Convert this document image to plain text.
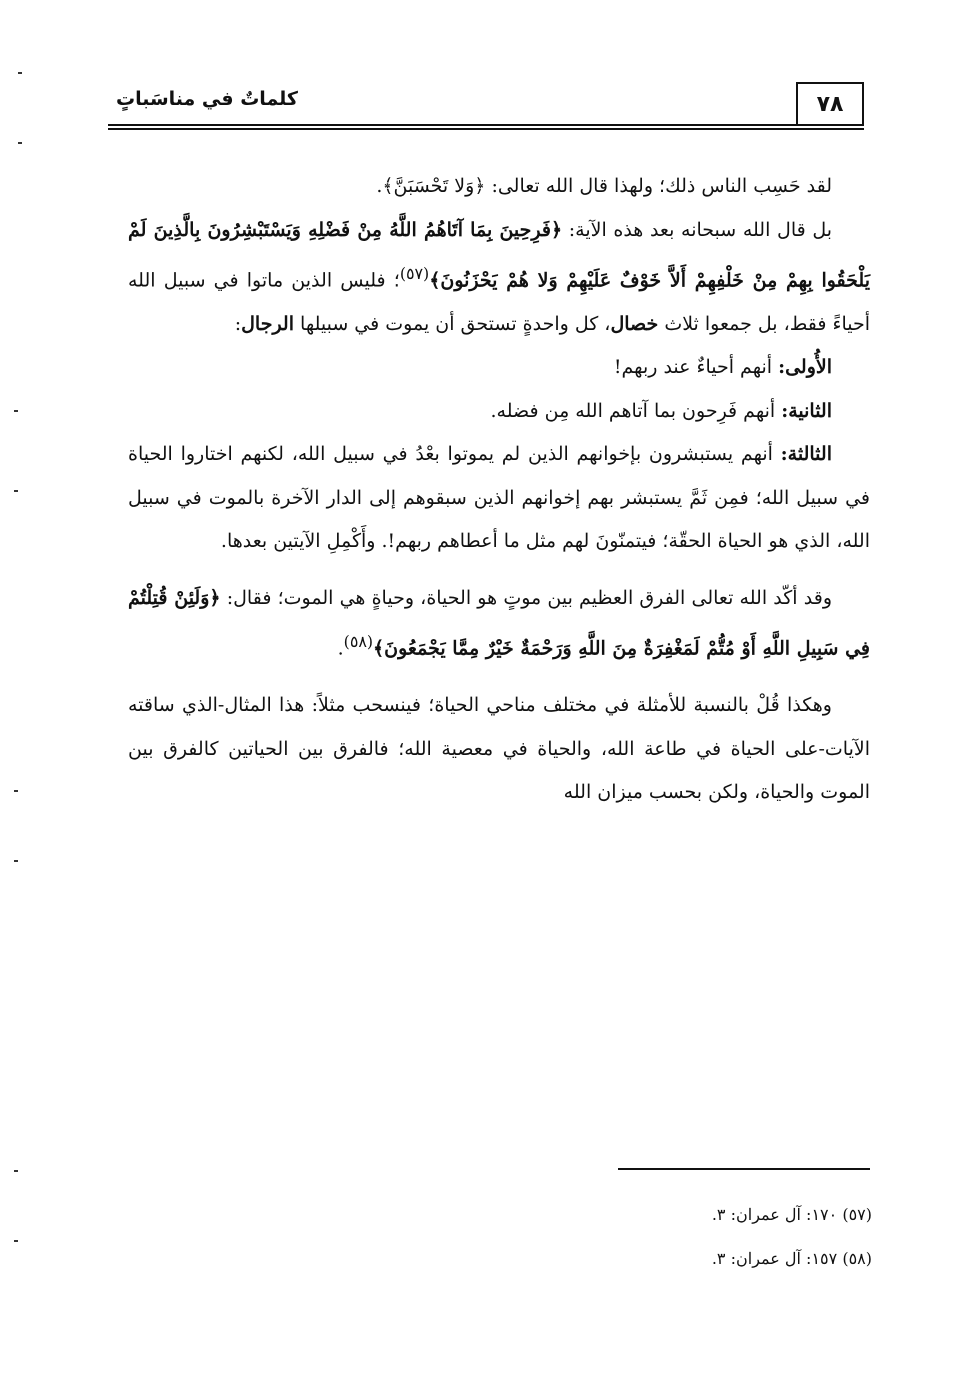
كلماتٌ في مناسَباتٍ	٧٨

لقد حَسِب الناس ذلك؛ ولهذا قال الله تعالى: ﴿وَلا تَحْسَبَنَّ﴾.

بل قال الله سبحانه بعد هذه الآية: ﴿فَرِحِينَ بِمَا آتَاهُمُ اللَّهُ مِنْ فَضْلِهِ وَيَسْتَبْشِرُونَ بِالَّذِينَ لَمْ يَلْحَقُوا بِهِمْ مِنْ خَلْفِهِمْ أَلاَّ خَوْفٌ عَلَيْهِمْ وَلا هُمْ يَحْزَنُونَ﴾$^{(٥٧)}$؛ فليس الذين ماتوا في سبيل الله أحياءً فقط، بل جمعوا ثلاث خصال، كل واحدةٍ تستحق أن يموت في سبيلها الرجال:

الأُولى: أنهم أحياءٌ عند ربهم!

الثانية: أنهم فَرِحون بما آتاهم الله مِن فضله.

الثالثة: أنهم يستبشرون بإخوانهم الذين لم يموتوا بعْدُ في سبيل الله، لكنهم اختاروا الحياة في سبيل الله؛ فمِن ثَمَّ يستبشر بهم إخوانهم الذين سبقوهم إلى الدار الآخرة بالموت في سبيل الله، الذي هو الحياة الحقّة؛ فيتمنّونَ لهم مثل ما أعطاهم ربهم!. وأَكْمِلِ الآيتين بعدها.

وقد أكّد الله تعالى الفرق العظيم بين موتٍ هو الحياة، وحياةٍ هي الموت؛ فقال: ﴿وَلَئِنْ قُتِلْتُمْ فِي سَبِيلِ اللَّهِ أَوْ مُتُّمْ لَمَغْفِرَةٌ مِنَ اللَّهِ وَرَحْمَةٌ خَيْرٌ مِمَّا يَجْمَعُونَ﴾$^{(٥٨)}$.

وهكذا قُلْ بالنسبة للأمثلة في مختلف مناحي الحياة؛ فينسحب مثلاً: هذا المثال-الذي ساقته الآيات-على الحياة في طاعة الله، والحياة في معصية الله؛ فالفرق بين الحياتين كالفرق بين الموت والحياة، ولكن بحسب ميزان الله

(٥٧) ١٧٠: آل عمران: ٣.

(٥٨) ١٥٧: آل عمران: ٣.
